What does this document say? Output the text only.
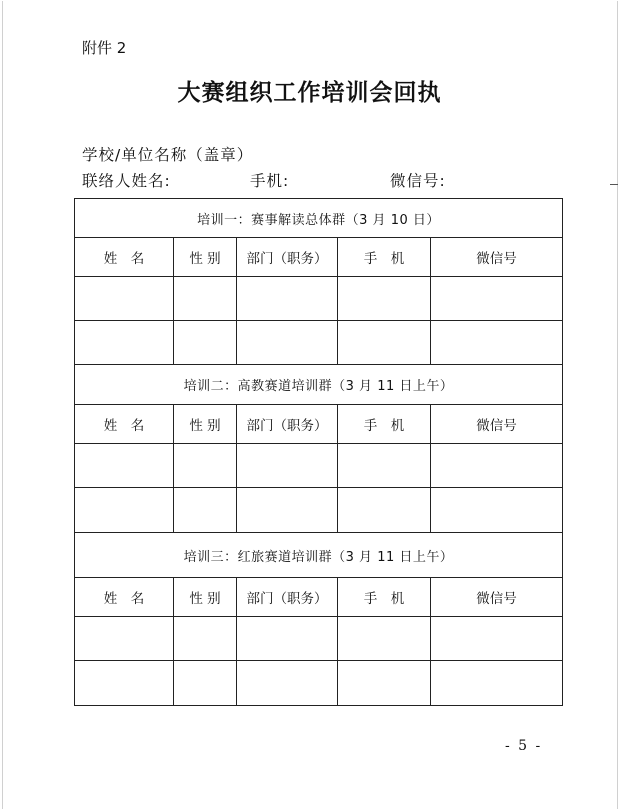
附件 2
大赛组织工作培训会回执
学校/单位名称（盖章）
联络人姓名:	手机:	微信号:
培训一：赛事解读总体群（3 月 10 日）				
姓　名	性 别	部门（职务）	手　机	微信号

培训二：高教赛道培训群（3 月 11 日上午）				
姓　名	性 别	部门（职务）	手　机	微信号

培训三：红旅赛道培训群（3 月 11 日上午）				
姓　名	性 别	部门（职务）	手　机	微信号

- 5 -
